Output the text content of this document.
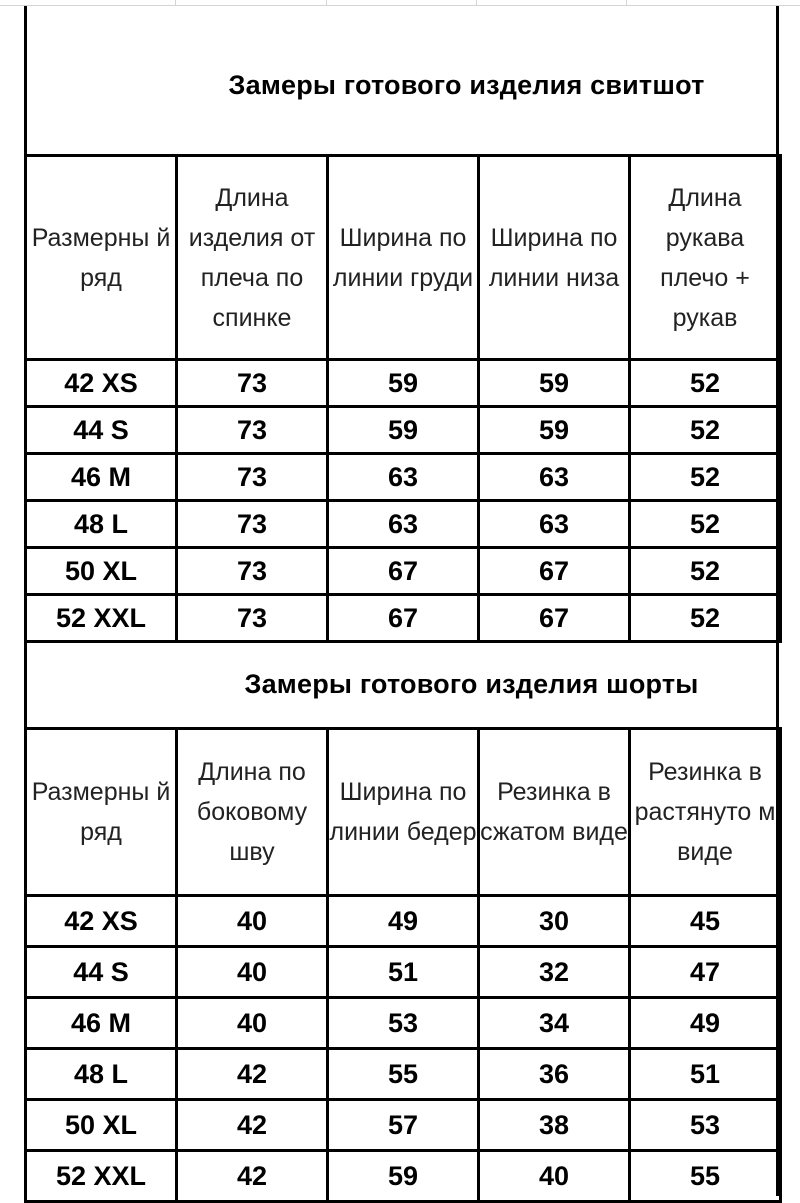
Замеры готового изделия свитшот
Размерны й ряд	Длина изделия от плеча по спинке	Ширина по линии груди	Ширина по линии низа	Длина рукава плечо + рукав
42 XS	73	59	59	52
44 S	73	59	59	52
46 M	73	63	63	52
48 L	73	63	63	52
50 XL	73	67	67	52
52 XXL	73	67	67	52
Замеры готового изделия шорты
Размерны й ряд	Длина по боковому шву	Ширина по линии бедер	Резинка в сжатом виде	Резинка в растянуто м виде
42 XS	40	49	30	45
44 S	40	51	32	47
46 M	40	53	34	49
48 L	42	55	36	51
50 XL	42	57	38	53
52 XXL	42	59	40	55
